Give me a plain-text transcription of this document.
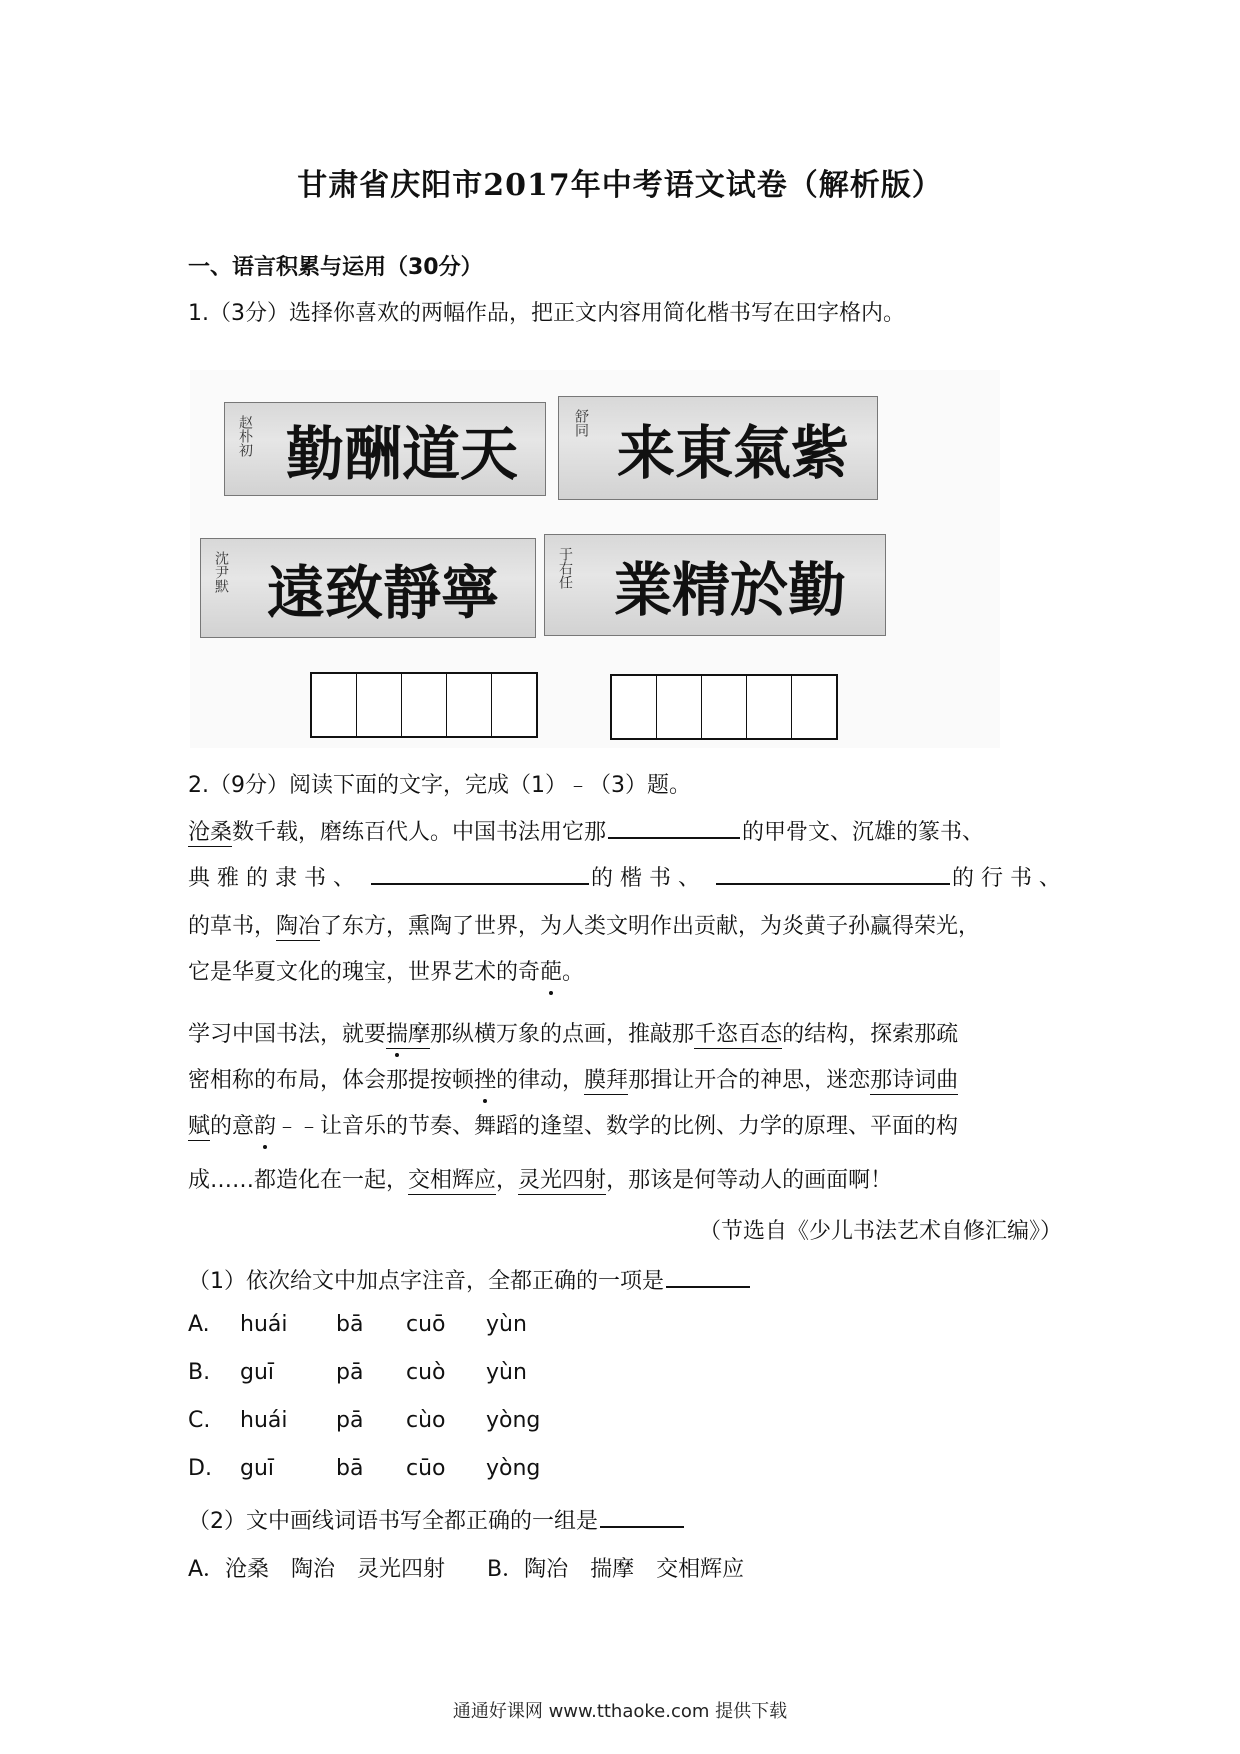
甘肃省庆阳市2017年中考语文试卷（解析版）
一、语言积累与运用（30分）
1.（3分）选择你喜欢的两幅作品，把正文内容用简化楷书写在田字格内。
赵朴初 勤酬道天	舒同 来東氣紫
沈尹默 遠致靜寧	于右任 業精於勤
2.（9分）阅读下面的文字，完成（1）﹣（3）题。
沧桑数千载，磨练百代人。中国书法用它那	的甲骨文、沉雄的篆书、
典 雅 的 隶 书 、	的 楷 书 、	的 行 书 、
的草书，陶冶了东方，熏陶了世界，为人类文明作出贡献，为炎黄子孙赢得荣光，
它是华夏文化的瑰宝，世界艺术的奇葩。
学习中国书法，就要揣摩那纵横万象的点画，推敲那千恣百态的结构，探索那疏
密相称的布局，体会那提按顿挫的律动，膜拜那揖让开合的神思，迷恋那诗词曲
赋的意韵﹣﹣让音乐的节奏、舞蹈的逢望、数学的比例、力学的原理、平面的构
成……都造化在一起，交相辉应，灵光四射，那该是何等动人的画面啊！
（节选自《少儿书法艺术自修汇编》）
（1）依次给文中加点字注音，全都正确的一项是
A. huái bā cuō yùn
B. guī	pā cuò yùn
C. huái pā cùo yòng
D. guī	bā cūo yòng
（2）文中画线词语书写全都正确的一组是
A．沧桑　陶治　灵光四射 B．陶冶　揣摩　交相辉应
通通好课网 www.tthaoke.com 提供下载
